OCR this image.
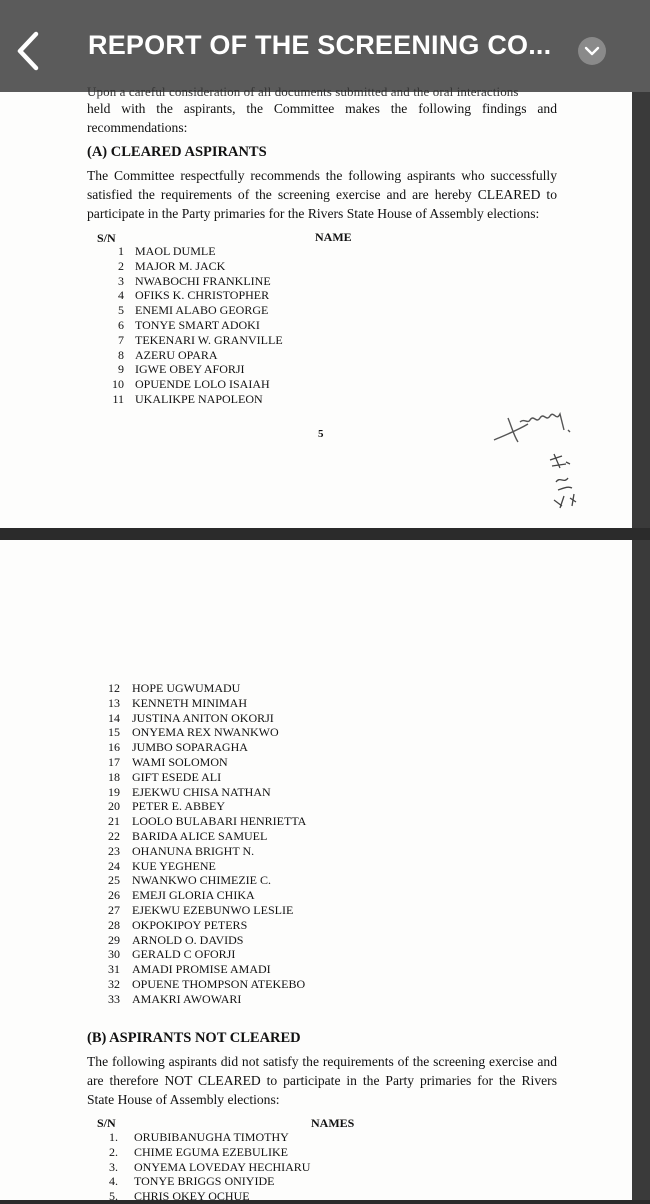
REPORT OF THE SCREENING CO...

Upon a careful consideration of all documents submitted and the oral interactions

held with the aspirants, the Committee makes the following findings and recommendations:

(A) CLEARED ASPIRANTS

The Committee respectfully recommends the following aspirants who successfully satisfied the requirements of the screening exercise and are hereby CLEARED to participate in the Party primaries for the Rivers State House of Assembly elections:

S/N	NAME
1 MAOL DUMLE
2 MAJOR M. JACK
3 NWABOCHI FRANKLINE
4 OFIKS K. CHRISTOPHER
5 ENEMI ALABO GEORGE
6 TONYE SMART ADOKI
7 TEKENARI W. GRANVILLE
8 AZERU OPARA
9 IGWE OBEY AFORJI
10 OPUENDE LOLO ISAIAH
11 UKALIKPE NAPOLEON
5
12 HOPE UGWUMADU
13 KENNETH MINIMAH
14 JUSTINA ANITON OKORJI
15 ONYEMA REX NWANKWO
16 JUMBO SOPARAGHA
17 WAMI SOLOMON
18 GIFT ESEDE ALI
19 EJEKWU CHISA NATHAN
20 PETER E. ABBEY
21 LOOLO BULABARI HENRIETTA
22 BARIDA ALICE SAMUEL
23 OHANUNA BRIGHT N.
24 KUE YEGHENE
25 NWANKWO CHIMEZIE C.
26 EMEJI GLORIA CHIKA
27 EJEKWU EZEBUNWO LESLIE
28 OKPOKIPOY PETERS
29 ARNOLD O. DAVIDS
30 GERALD C OFORJI
31 AMADI PROMISE AMADI
32 OPUENE THOMPSON ATEKEBO
33 AMAKRI AWOWARI
(B) ASPIRANTS NOT CLEARED

The following aspirants did not satisfy the requirements of the screening exercise and are therefore NOT CLEARED to participate in the Party primaries for the Rivers State House of Assembly elections:

S/N	NAMES
1. ORUBIBANUGHA TIMOTHY
2. CHIME EGUMA EZEBULIKE
3. ONYEMA LOVEDAY HECHIARU
4. TONYE BRIGGS ONIYIDE
5. CHRIS OKEY OCHUE
